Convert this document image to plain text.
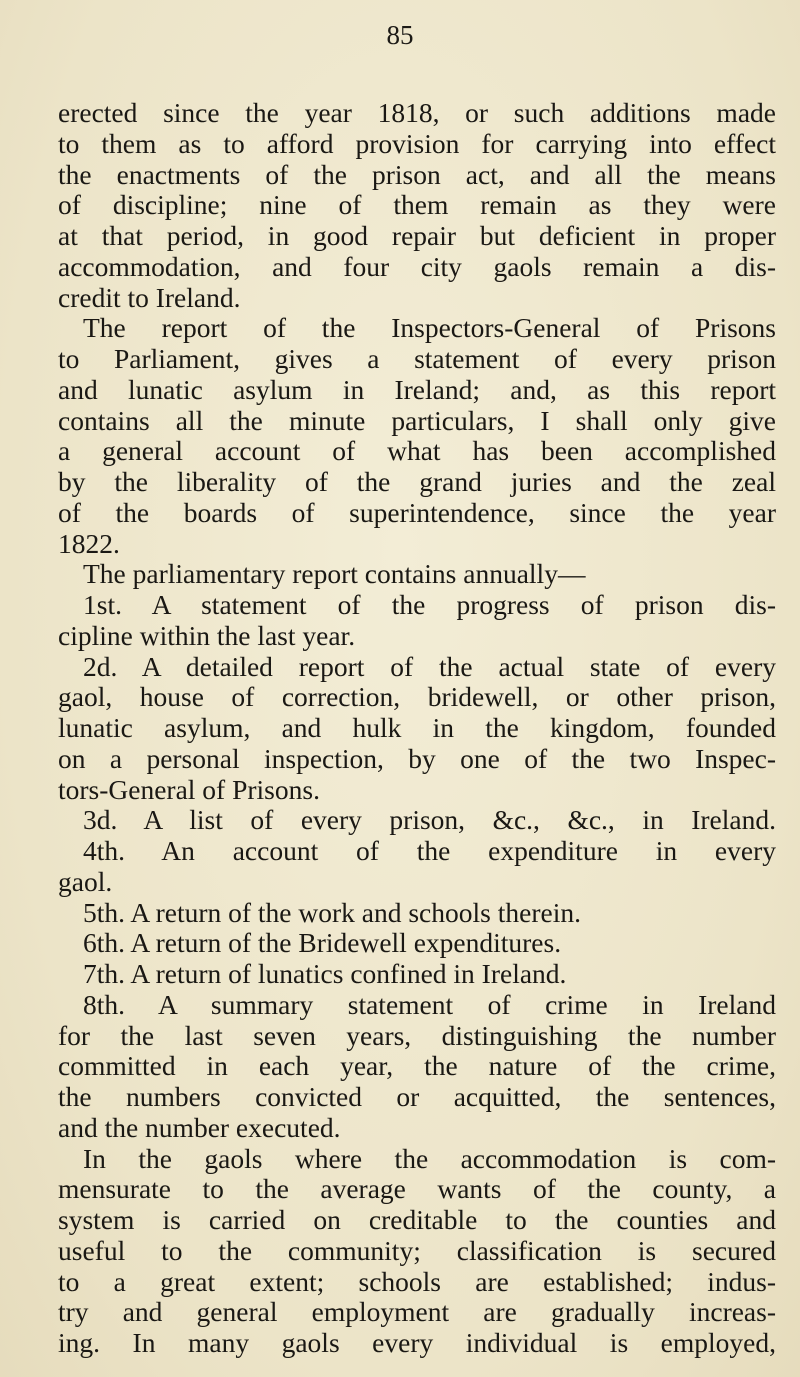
85

erected since the year 1818, or such additions made
to them as to afford provision for carrying into effect
the enactments of the prison act, and all the means
of discipline; nine of them remain as they were
at that period, in good repair but deficient in proper
accommodation, and four city gaols remain a dis-
credit to Ireland.
The report of the Inspectors-General of Prisons
to Parliament, gives a statement of every prison
and lunatic asylum in Ireland; and, as this report
contains all the minute particulars, I shall only give
a general account of what has been accomplished
by the liberality of the grand juries and the zeal
of the boards of superintendence, since the year
1822.
The parliamentary report contains annually—
1st. A statement of the progress of prison dis-
cipline within the last year.
2d. A detailed report of the actual state of every
gaol, house of correction, bridewell, or other prison,
lunatic asylum, and hulk in the kingdom, founded
on a personal inspection, by one of the two Inspec-
tors-General of Prisons.
3d. A list of every prison, &c., &c., in Ireland.
4th. An account of the expenditure in every
gaol.
5th. A return of the work and schools therein.
6th. A return of the Bridewell expenditures.
7th. A return of lunatics confined in Ireland.
8th. A summary statement of crime in Ireland
for the last seven years, distinguishing the number
committed in each year, the nature of the crime,
the numbers convicted or acquitted, the sentences,
and the number executed.
In the gaols where the accommodation is com-
mensurate to the average wants of the county, a
system is carried on creditable to the counties and
useful to the community; classification is secured
to a great extent; schools are established; indus-
try and general employment are gradually increas-
ing. In many gaols every individual is employed,
